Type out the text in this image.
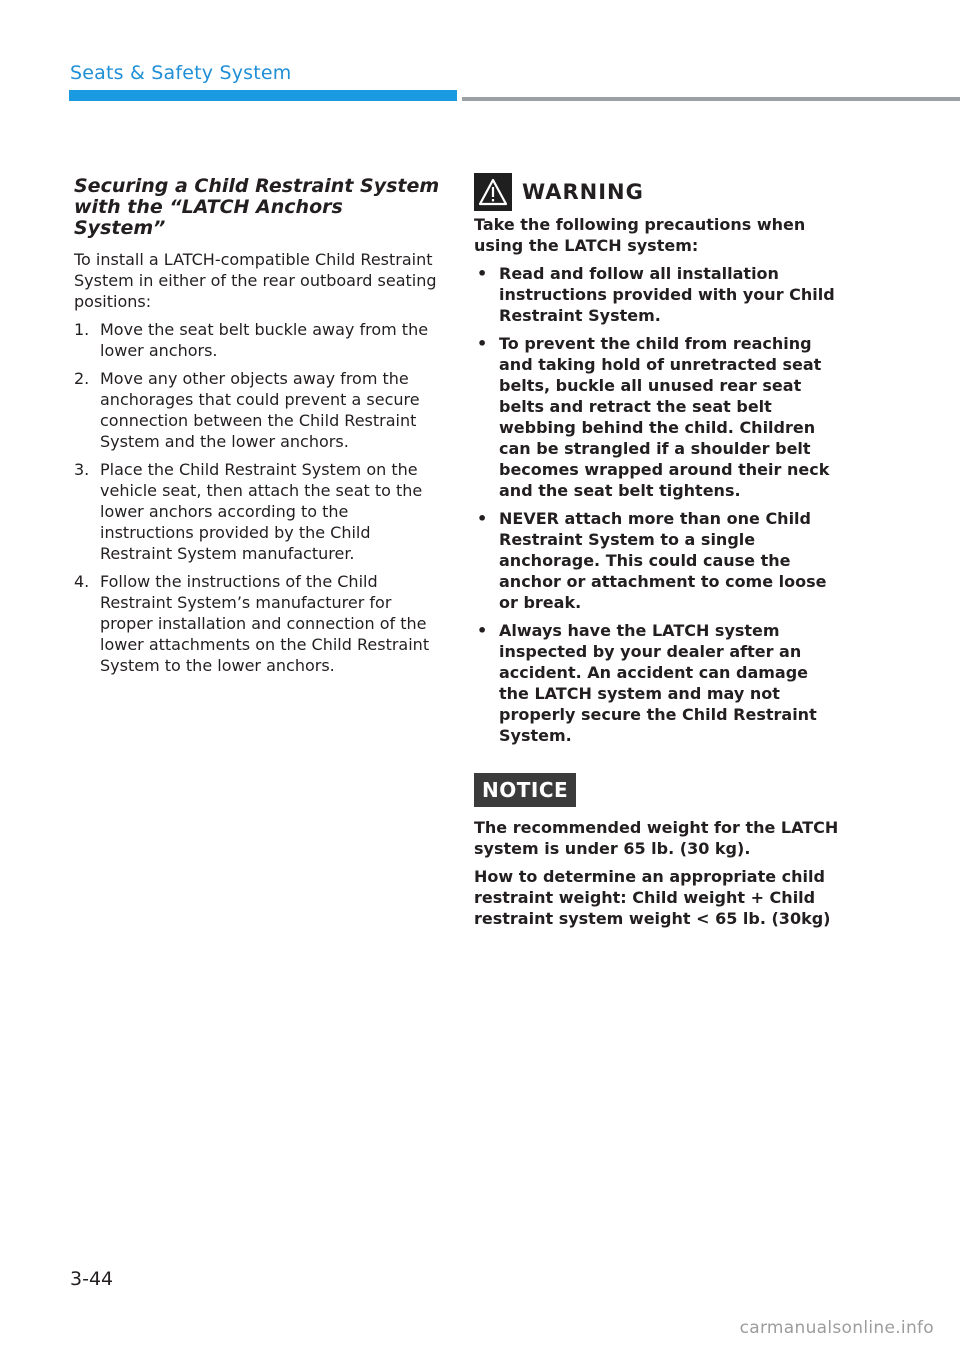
Seats & Safety System
Securing a Child Restraint System with the “LATCH Anchors System”

To install a LATCH-compatible Child Restraint System in either of the rear outboard seating positions:

1. Move the seat belt buckle away from the lower anchors.
2. Move any other objects away from the anchorages that could prevent a secure connection between the Child Restraint System and the lower anchors.
3. Place the Child Restraint System on the vehicle seat, then attach the seat to the lower anchors according to the instructions provided by the Child Restraint System manufacturer.
4. Follow the instructions of the Child Restraint System’s manufacturer for proper installation and connection of the lower attachments on the Child Restraint System to the lower anchors.
WARNING

Take the following precautions when using the LATCH system:

• Read and follow all installation instructions provided with your Child Restraint System.
• To prevent the child from reaching and taking hold of unretracted seat belts, buckle all unused rear seat belts and retract the seat belt webbing behind the child. Children can be strangled if a shoulder belt becomes wrapped around their neck and the seat belt tightens.
• NEVER attach more than one Child Restraint System to a single anchorage. This could cause the anchor or attachment to come loose or break.
• Always have the LATCH system inspected by your dealer after an accident. An accident can damage the LATCH system and may not properly secure the Child Restraint System.
NOTICE

The recommended weight for the LATCH system is under 65 lb. (30 kg).

How to determine an appropriate child restraint weight: Child weight + Child restraint system weight < 65 lb. (30kg)

3-44
carmanualsonline.info
